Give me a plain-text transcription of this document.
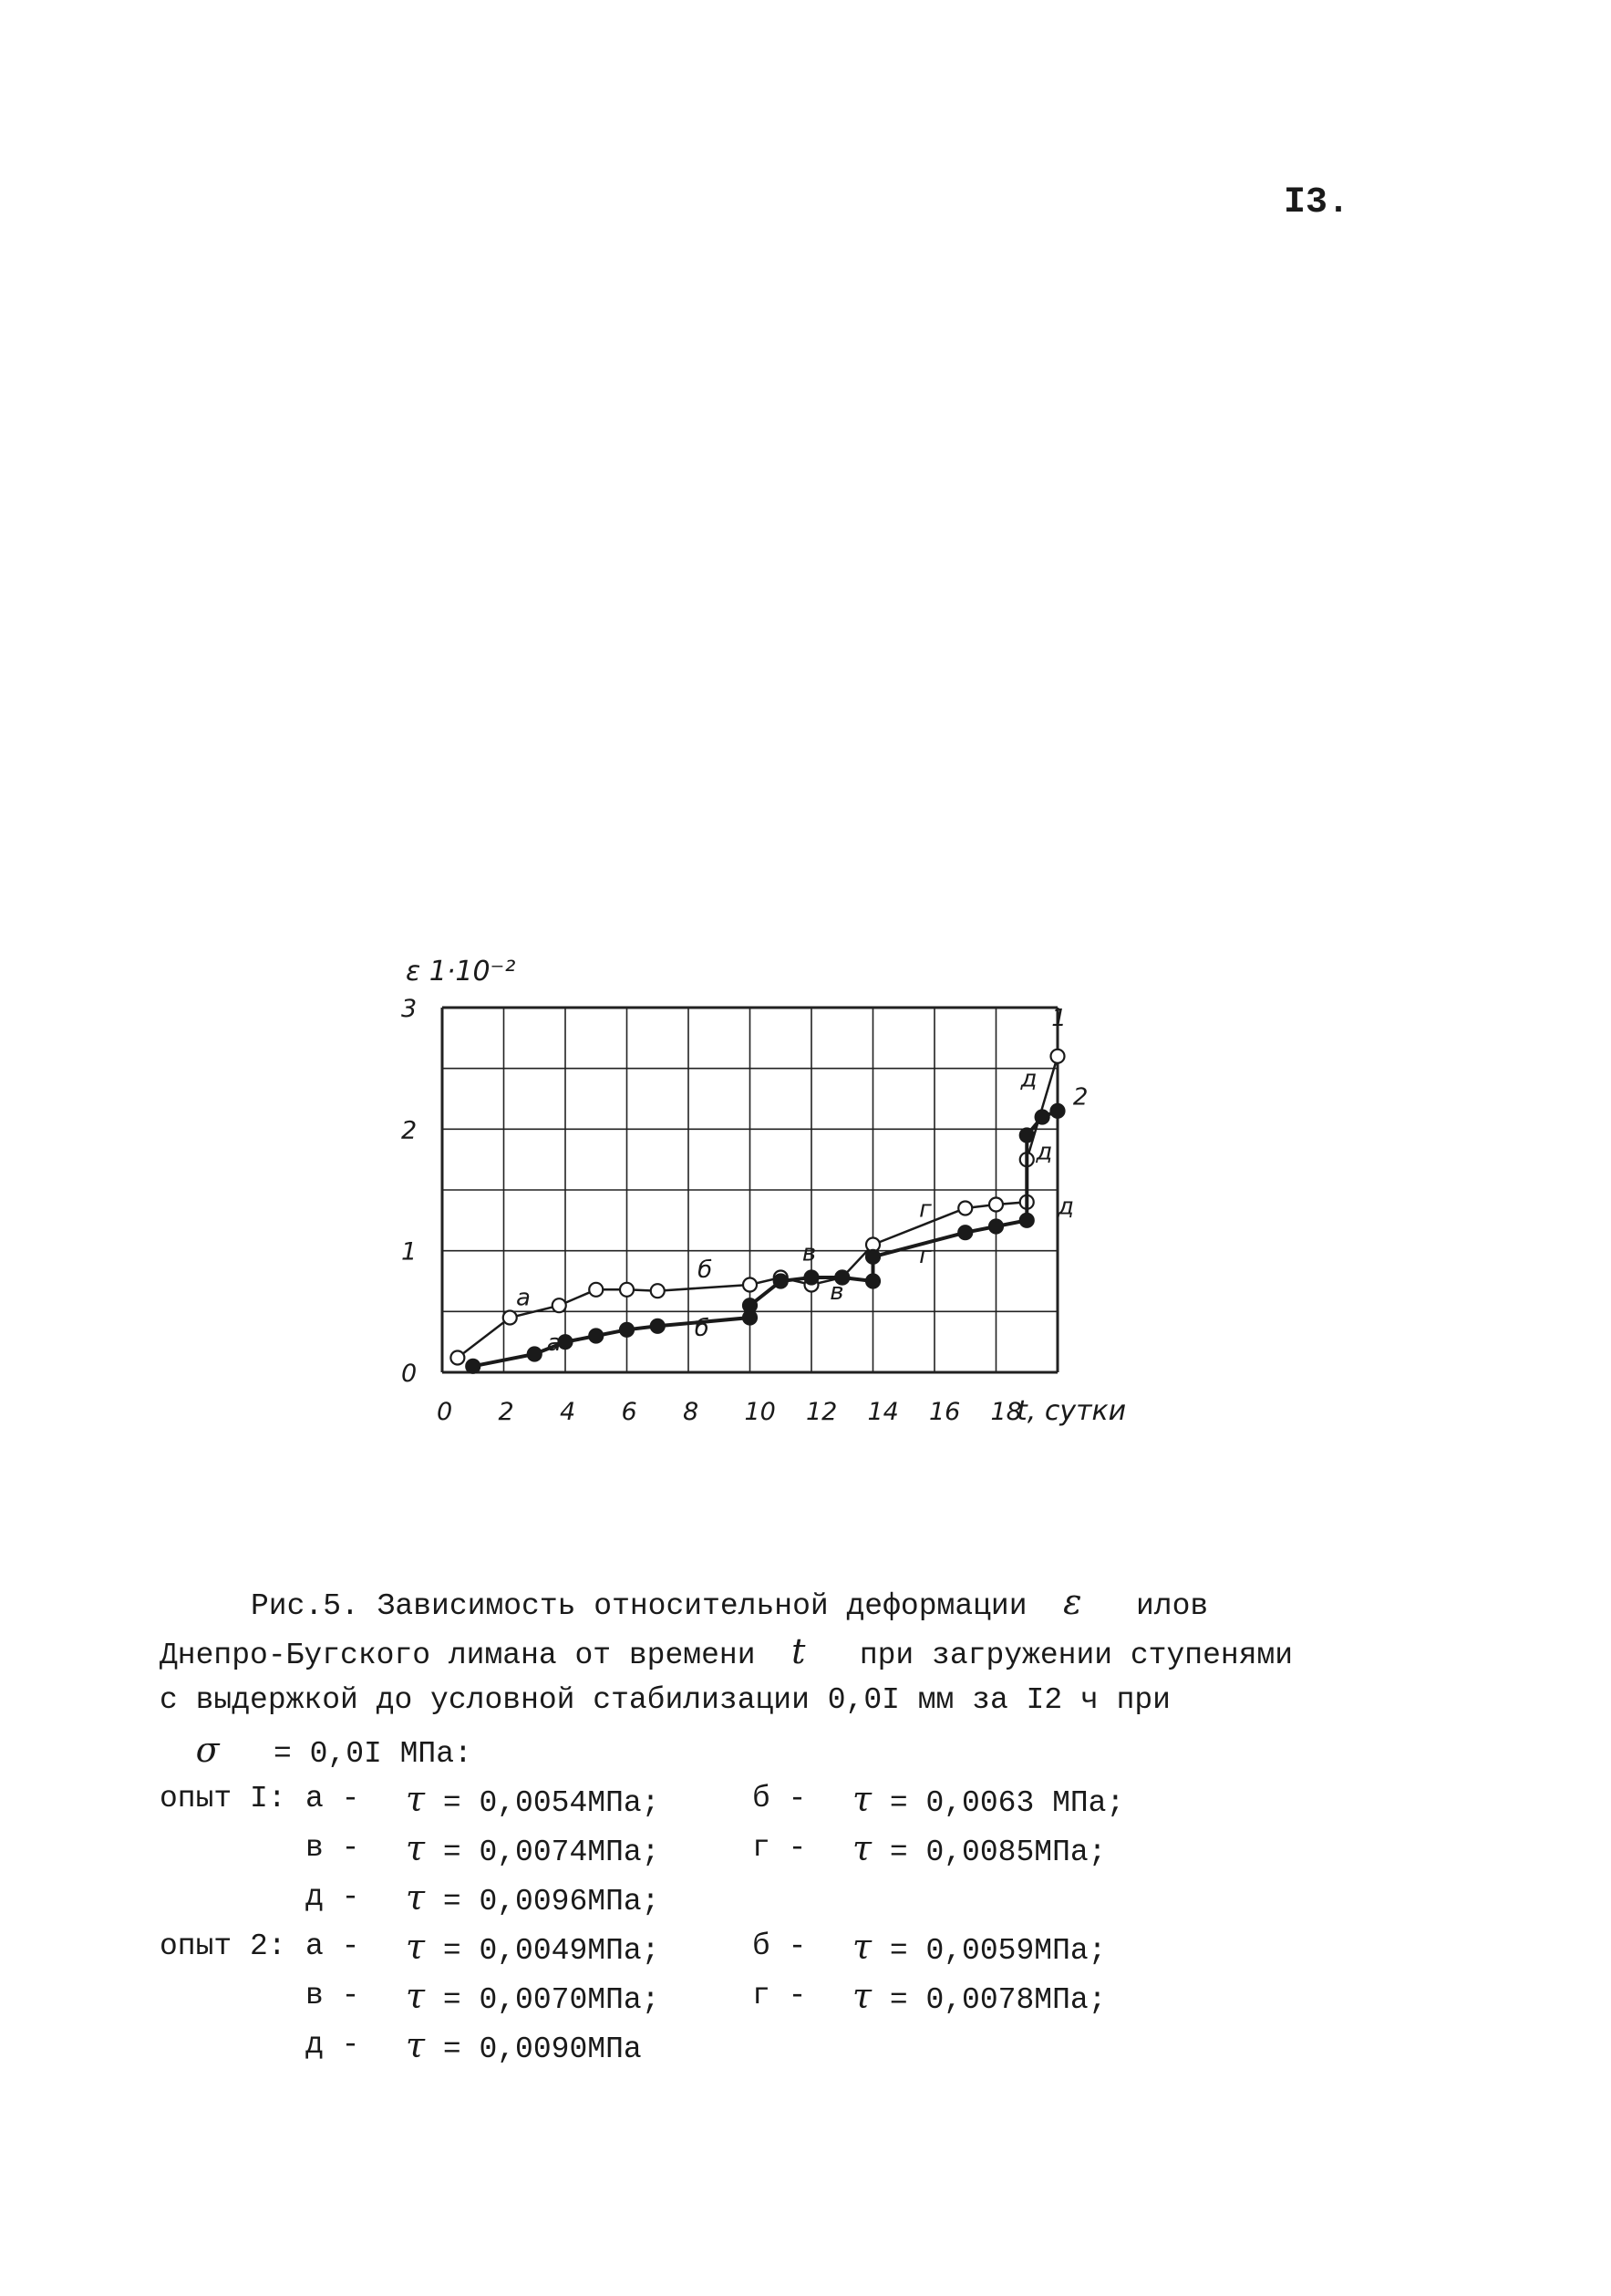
I3.
0 2 4 6 8 10 12 14 16 18
0
1
2
3
ε 1·10⁻²
t, сутки
1
2
а
а
б
б
в
в
г
г
д
д
д
Рис.5. Зависимость относительной деформации ε илов
Днепро-Бугского лимана от времени t при загружении ступенями
с выдержкой до условной стабилизации 0,0I мм за I2 ч при
σ = 0,0I МПа:
опыт I: а - τ = 0,0054МПа;	б - τ = 0,0063 МПа;
в - τ = 0,0074МПа;	г - τ = 0,0085МПа;
д - τ = 0,0096МПа;
опыт 2: а - τ = 0,0049МПа;	б - τ = 0,0059МПа;
в - τ = 0,0070МПа;	г - τ = 0,0078МПа;
д - τ = 0,0090МПа
